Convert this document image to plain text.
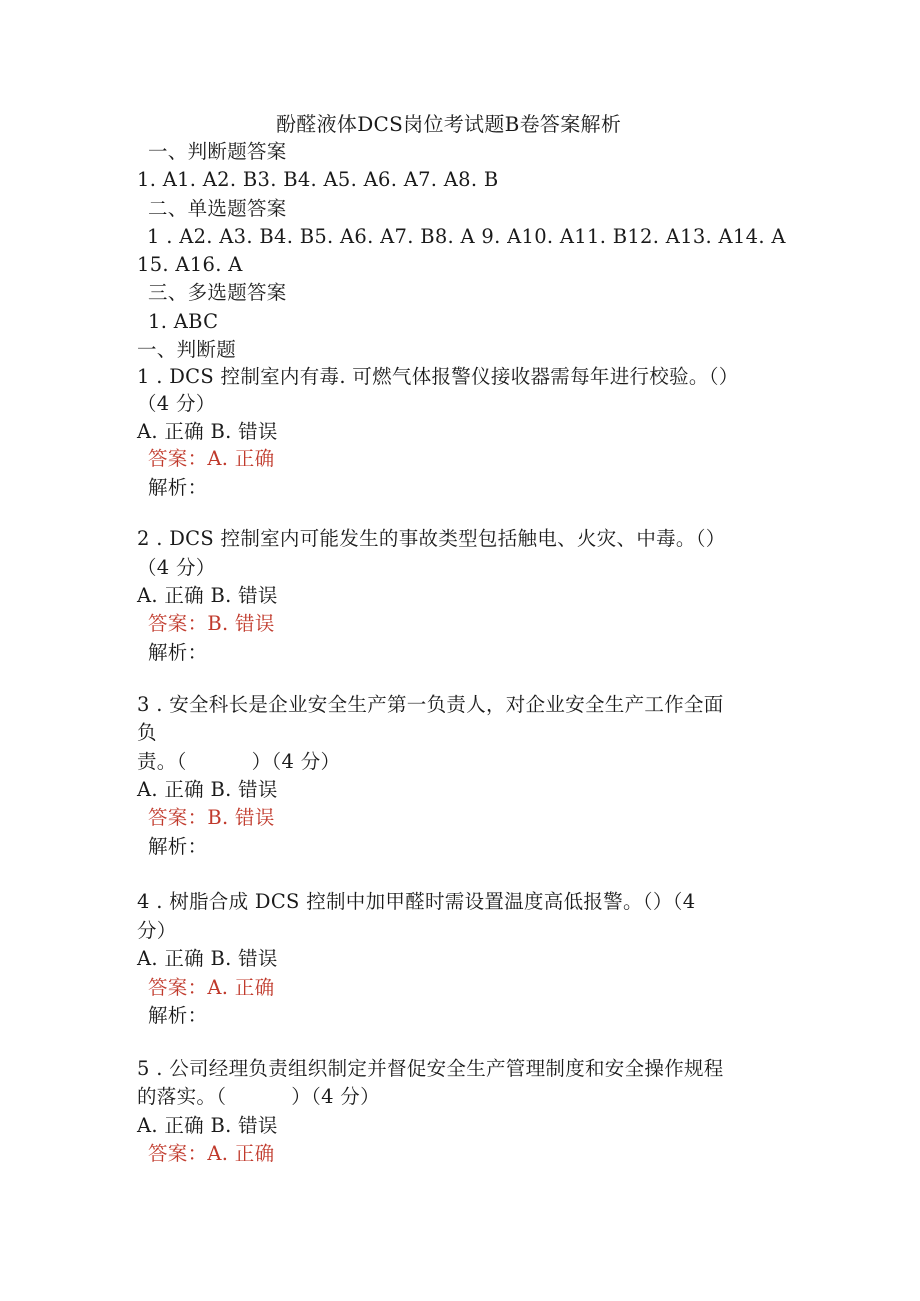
酚醛液体DCS岗位考试题B卷答案解析
一、判断题答案
1. A1. A2. B3. B4. A5. A6. A7. A8. B
二、单选题答案
1 . A2. A3. B4. B5. A6. A7. B8. A 9. A10. A11. B12. A13. A14. A
15. A16. A
三、多选题答案
1. ABC
一、判断题
1 . DCS 控制室内有毒. 可燃气体报警仪接收器需每年进行校验。（）
（4 分）
A. 正确 B. 错误
答案：A. 正确
解析：
2 . DCS 控制室内可能发生的事故类型包括触电、火灾、中毒。（）
（4 分）
A. 正确 B. 错误
答案：B. 错误
解析：
3 . 安全科长是企业安全生产第一负责人，对企业安全生产工作全面
负
责。（          ）（4 分）
A. 正确 B. 错误
答案：B. 错误
解析：
4 . 树脂合成 DCS 控制中加甲醛时需设置温度高低报警。（）（4
分）
A. 正确 B. 错误
答案：A. 正确
解析：
5 . 公司经理负责组织制定并督促安全生产管理制度和安全操作规程
的落实。（          ）（4 分）
A. 正确 B. 错误
答案：A. 正确
